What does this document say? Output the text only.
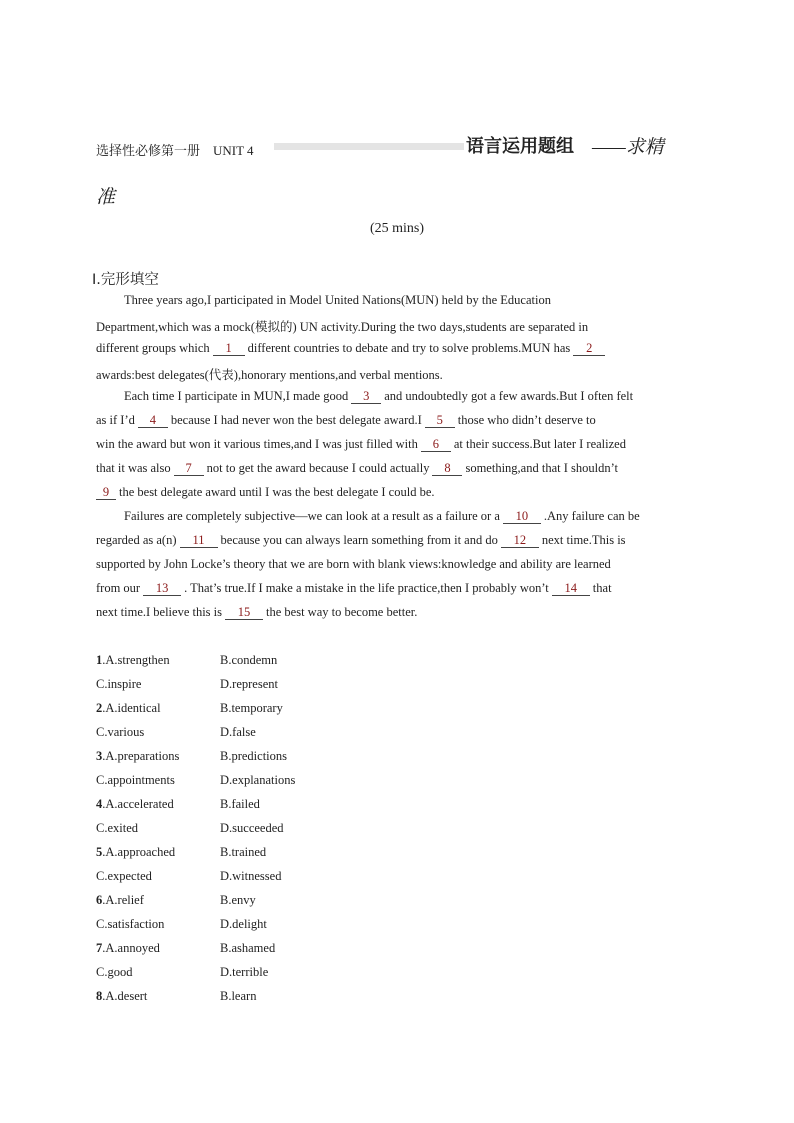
选择性必修第一册　UNIT 4	语言运用题组 ——求精
准
(25 mins)
Ⅰ.完形填空
Three years ago,I participated in Model United Nations(MUN) held by the Education
Department,which was a mock(模拟的) UN activity.During the two days,students are separated in
different groups which 1 different countries to debate and try to solve problems.MUN has 2
awards:best delegates(代表),honorary mentions,and verbal mentions.
Each time I participate in MUN,I made good 3 and undoubtedly got a few awards.But I often felt
as if I’d 4 because I had never won the best delegate award.I 5 those who didn’t deserve to
win the award but won it various times,and I was just filled with 6 at their success.But later I realized
that it was also 7 not to get the award because I could actually 8 something,and that I shouldn’t
9 the best delegate award until I was the best delegate I could be.
Failures are completely subjective—we can look at a result as a failure or a 10 .Any failure can be
regarded as a(n) 11 because you can always learn something from it and do 12 next time.This is
supported by John Locke’s theory that we are born with blank views:knowledge and ability are learned
from our 13 . That’s true.If I make a mistake in the life practice,then I probably won’t 14 that
next time.I believe this is 15 the best way to become better.
1.A.strengthen	B.condemn
C.inspire	D.represent
2.A.identical	B.temporary
C.various	D.false
3.A.preparations	B.predictions
C.appointments	D.explanations
4.A.accelerated	B.failed
C.exited	D.succeeded
5.A.approached	B.trained
C.expected	D.witnessed
6.A.relief	B.envy
C.satisfaction	D.delight
7.A.annoyed	B.ashamed
C.good	D.terrible
8.A.desert	B.learn
